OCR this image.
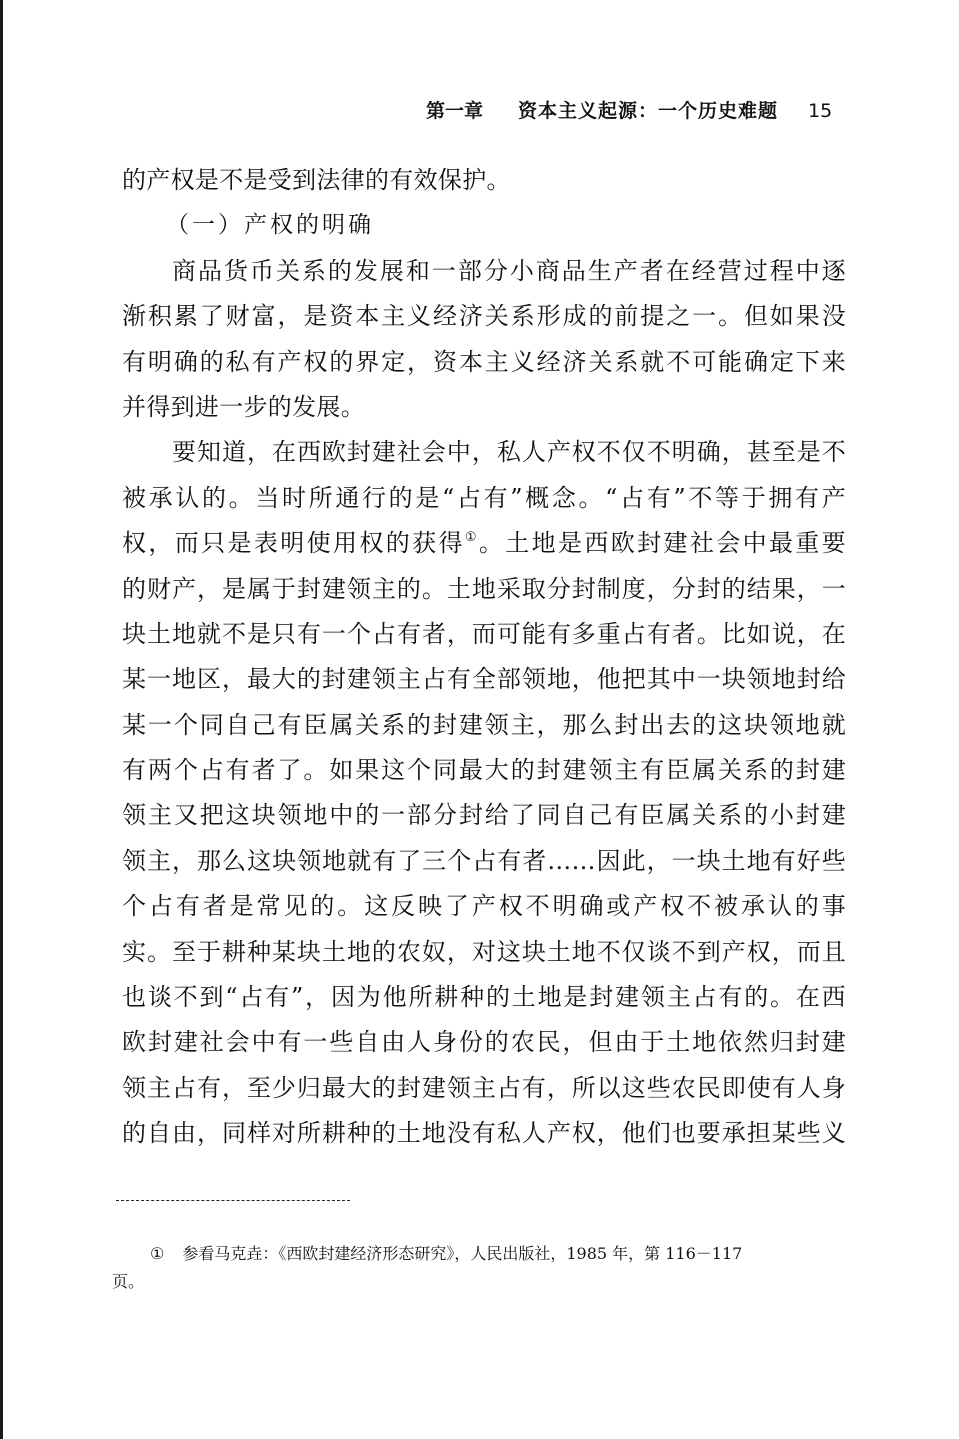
第一章 资本主义起源：一个历史难题 15
的产权是不是受到法律的有效保护。
（一）产权的明确
商品货币关系的发展和一部分小商品生产者在经营过程中逐
渐积累了财富，是资本主义经济关系形成的前提之一。但如果没
有明确的私有产权的界定，资本主义经济关系就不可能确定下来
并得到进一步的发展。
要知道，在西欧封建社会中，私人产权不仅不明确，甚至是不
被承认的。当时所通行的是“占有”概念。“占有”不等于拥有产
权，而只是表明使用权的获得①。土地是西欧封建社会中最重要
的财产，是属于封建领主的。土地采取分封制度，分封的结果，一
块土地就不是只有一个占有者，而可能有多重占有者。比如说，在
某一地区，最大的封建领主占有全部领地，他把其中一块领地封给
某一个同自己有臣属关系的封建领主，那么封出去的这块领地就
有两个占有者了。如果这个同最大的封建领主有臣属关系的封建
领主又把这块领地中的一部分封给了同自己有臣属关系的小封建
领主，那么这块领地就有了三个占有者……因此，一块土地有好些
个占有者是常见的。这反映了产权不明确或产权不被承认的事
实。至于耕种某块土地的农奴，对这块土地不仅谈不到产权，而且
也谈不到“占有”，因为他所耕种的土地是封建领主占有的。在西
欧封建社会中有一些自由人身份的农民，但由于土地依然归封建
领主占有，至少归最大的封建领主占有，所以这些农民即使有人身
的自由，同样对所耕种的土地没有私人产权，他们也要承担某些义
① 参看马克垚：《西欧封建经济形态研究》，人民出版社，1985 年，第 116－117
页。
